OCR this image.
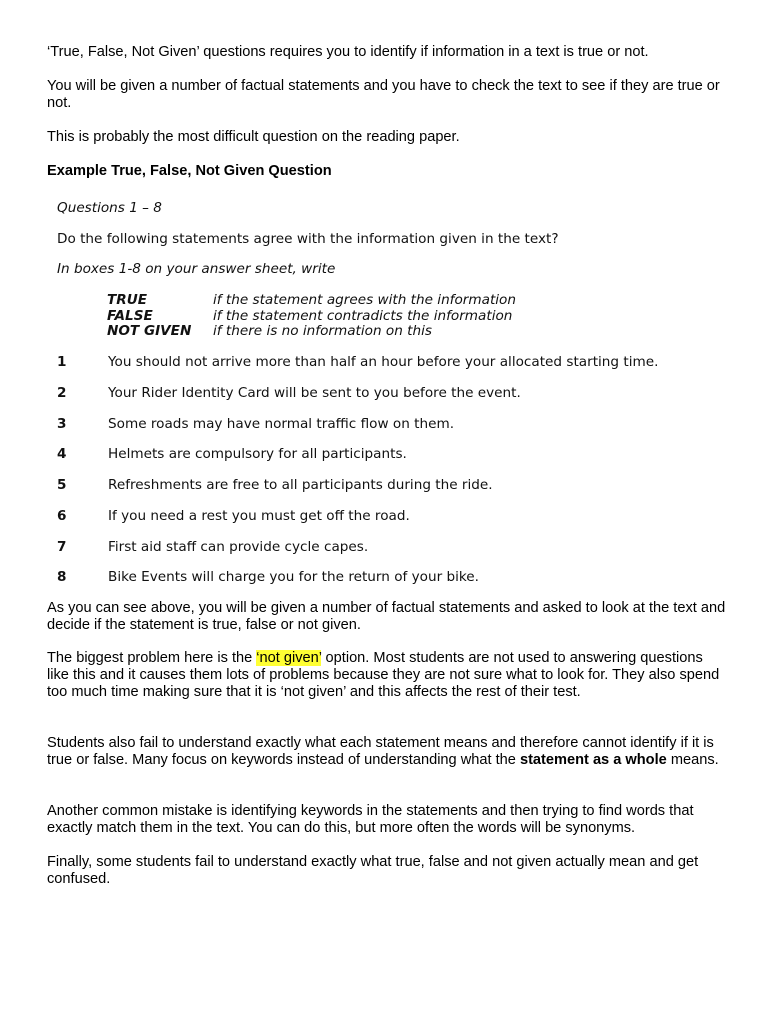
‘True, False, Not Given’ questions requires you to identify if information in a text is true or not.

You will be given a number of factual statements and you have to check the text to see if they are true or not.

This is probably the most difficult question on the reading paper.

Example True, False, Not Given Question

As you can see above, you will be given a number of factual statements and asked to look at the text and decide if the statement is true, false or not given.

The biggest problem here is the ‘not given’ option. Most students are not used to answering questions like this and it causes them lots of problems because they are not sure what to look for. They also spend too much time making sure that it is ‘not given’ and this affects the rest of their test.

Students also fail to understand exactly what each statement means and therefore cannot identify if it is true or false. Many focus on keywords instead of understanding what the statement as a whole means.

Another common mistake is identifying keywords in the statements and then trying to find words that exactly match them in the text. You can do this, but more often the words will be synonyms.

Finally, some students fail to understand exactly what true, false and not given actually mean and get confused.

Questions 1 – 8
Do the following statements agree with the information given in the text?
In boxes 1-8 on your answer sheet, write
TRUE	if the statement agrees with the information
FALSE	if the statement contradicts the information
NOT GIVEN if there is no information on this
1	You should not arrive more than half an hour before your allocated starting time.
2	Your Rider Identity Card will be sent to you before the event.
3	Some roads may have normal traffic flow on them.
4	Helmets are compulsory for all participants.
5	Refreshments are free to all participants during the ride.
6	If you need a rest you must get off the road.
7	First aid staff can provide cycle capes.
8	Bike Events will charge you for the return of your bike.
